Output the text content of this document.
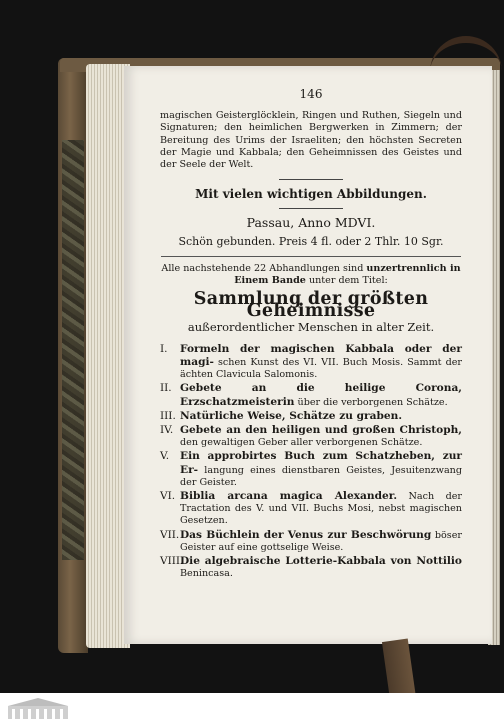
146
magischen Geisterglöcklein, Ringen und Ruthen, Siegeln und Signaturen; den heimlichen Bergwerken in Zimmern; der Bereitung des Urims der Israeliten; den höchsten Secreten der Magie und Kabbala; den Geheimnissen des Geistes und der Seele der Welt.
Mit vielen wichtigen Abbildungen.
Passau, Anno MDVI.
Schön gebunden. Preis 4 fl. oder 2 Thlr. 10 Sgr.
Alle nachstehende 22 Abhandlungen sind unzertrennlich in Einem Bande unter dem Titel:
Sammlung der größten Geheimnisse
außerordentlicher Menschen in alter Zeit.
I.	Formeln der magischen Kabbala oder der magi- schen Kunst des VI. VII. Buch Mosis. Sammt der ächten Clavicula Salomonis.
II. Gebete an die heilige Corona, Erzschatzmeisterin über die verborgenen Schätze.
III. Natürliche Weise, Schätze zu graben.
IV. Gebete an den heiligen und großen Christoph, den gewaltigen Geber aller verborgenen Schätze.
V.	Ein approbirtes Buch zum Schatzheben, zur Er- langung eines dienstbaren Geistes, Jesuitenzwang der Geister.
VI. Biblia arcana magica Alexander. Nach der Tractation des V. und VII. Buchs Mosi, nebst magischen Gesetzen.
VII. Das Büchlein der Venus zur Beschwörung böser Geister auf eine gottselige Weise.
VIII.
Die algebraische Lotterie-Kabbala von Nottilio Benincasa.
